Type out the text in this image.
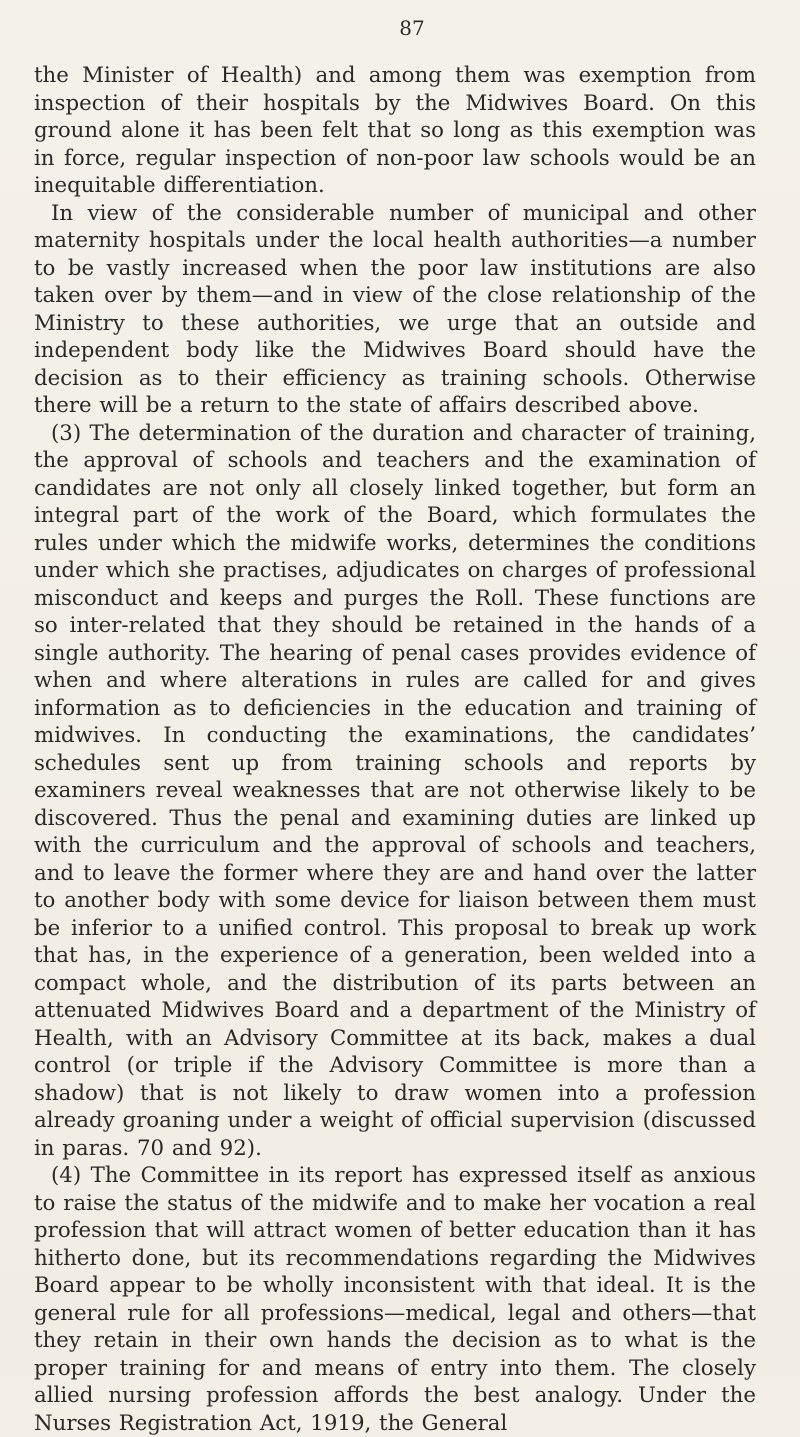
87

the Minister of Health) and among them was exemption from inspection of their hospitals by the Midwives Board. On this ground alone it has been felt that so long as this exemption was in force, regular inspection of non-poor law schools would be an inequitable differentiation.

In view of the considerable number of municipal and other maternity hospitals under the local health authorities—a number to be vastly increased when the poor law institutions are also taken over by them—and in view of the close relationship of the Ministry to these authorities, we urge that an outside and independent body like the Midwives Board should have the decision as to their efficiency as training schools. Otherwise there will be a return to the state of affairs described above.

(3) The determination of the duration and character of training, the approval of schools and teachers and the examination of candidates are not only all closely linked together, but form an integral part of the work of the Board, which formulates the rules under which the midwife works, determines the conditions under which she practises, adjudicates on charges of professional misconduct and keeps and purges the Roll. These functions are so inter-related that they should be retained in the hands of a single authority. The hearing of penal cases provides evidence of when and where alterations in rules are called for and gives information as to deficiencies in the education and training of midwives. In conducting the examinations, the candidates’ schedules sent up from training schools and reports by examiners reveal weaknesses that are not otherwise likely to be discovered. Thus the penal and examining duties are linked up with the curriculum and the approval of schools and teachers, and to leave the former where they are and hand over the latter to another body with some device for liaison between them must be inferior to a unified control. This proposal to break up work that has, in the experience of a generation, been welded into a compact whole, and the distribution of its parts between an attenuated Midwives Board and a department of the Ministry of Health, with an Advisory Committee at its back, makes a dual control (or triple if the Advisory Committee is more than a shadow) that is not likely to draw women into a profession already groaning under a weight of official supervision (discussed in paras. 70 and 92).

(4) The Committee in its report has expressed itself as anxious to raise the status of the midwife and to make her vocation a real profession that will attract women of better education than it has hitherto done, but its recommendations regarding the Midwives Board appear to be wholly inconsistent with that ideal. It is the general rule for all professions—medical, legal and others—that they retain in their own hands the decision as to what is the proper training for and means of entry into them. The closely allied nursing profession affords the best analogy. Under the Nurses Registration Act, 1919, the General
